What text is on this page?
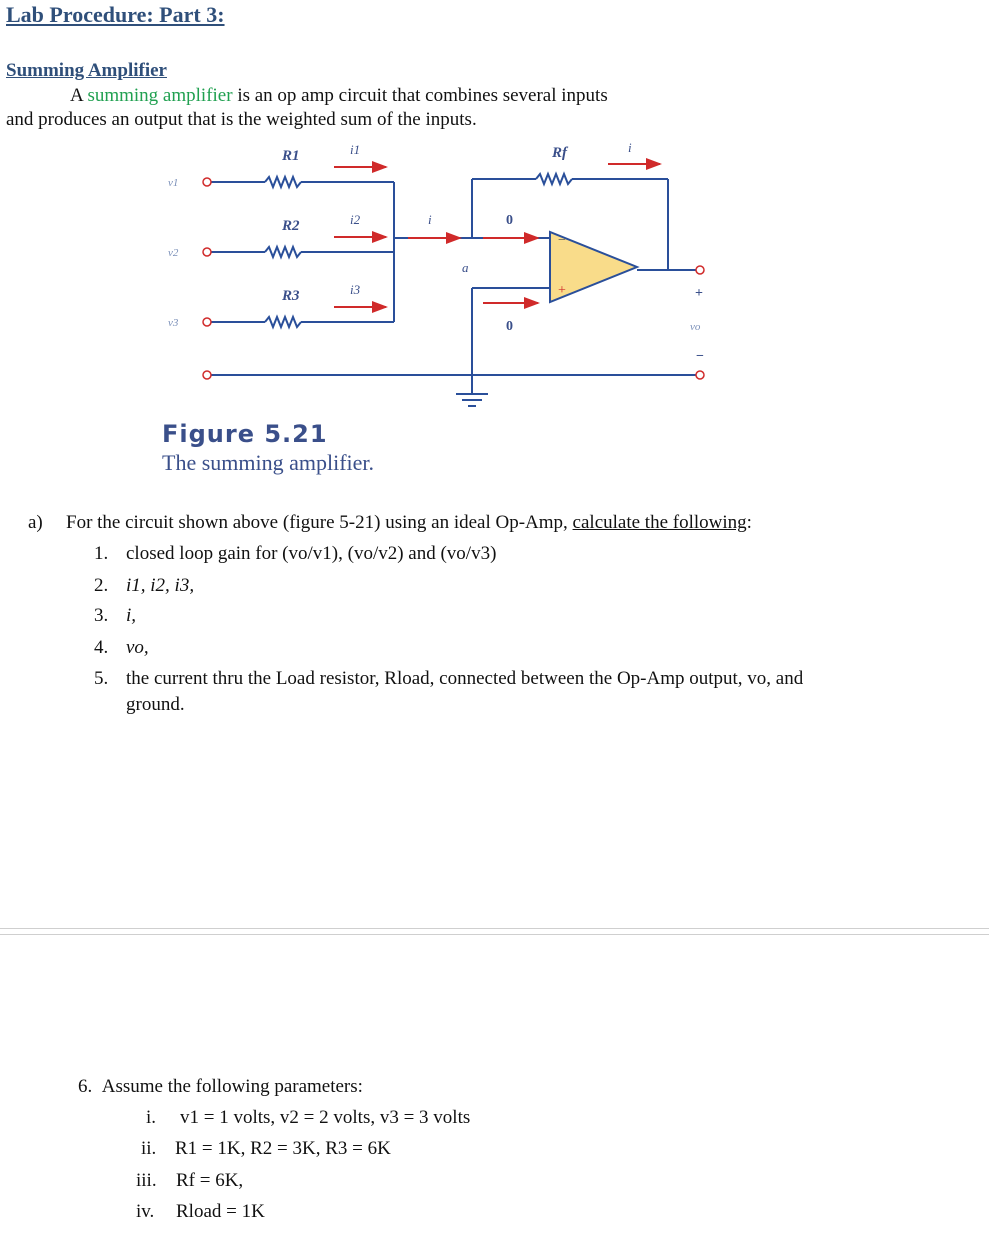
Lab Procedure: Part 3:
Summing Amplifier
A summing amplifier is an op amp circuit that combines several inputs
and produces an output that is the weighted sum of the inputs.
−
+
R1
R2
R3
Rf
i1
i2
i3
i
i
a
v1
v2
v3	vo
0
0
+
−
Figure 5.21
The summing amplifier.
a) For the circuit shown above (figure 5-21) using an ideal Op-Amp, calculate the following:
1. closed loop gain for (vo/v1), (vo/v2) and (vo/v3)
2. i1, i2, i3,
3. i,
4. vo,
5. the current thru the Load resistor, Rload, connected between the Op-Amp output, vo, and
ground.
6. Assume the following parameters:
i. v1 = 1 volts, v2 = 2 volts, v3 = 3 volts
ii. R1 = 1K, R2 = 3K, R3 = 6K
iii. Rf = 6K,
iv. Rload = 1K
